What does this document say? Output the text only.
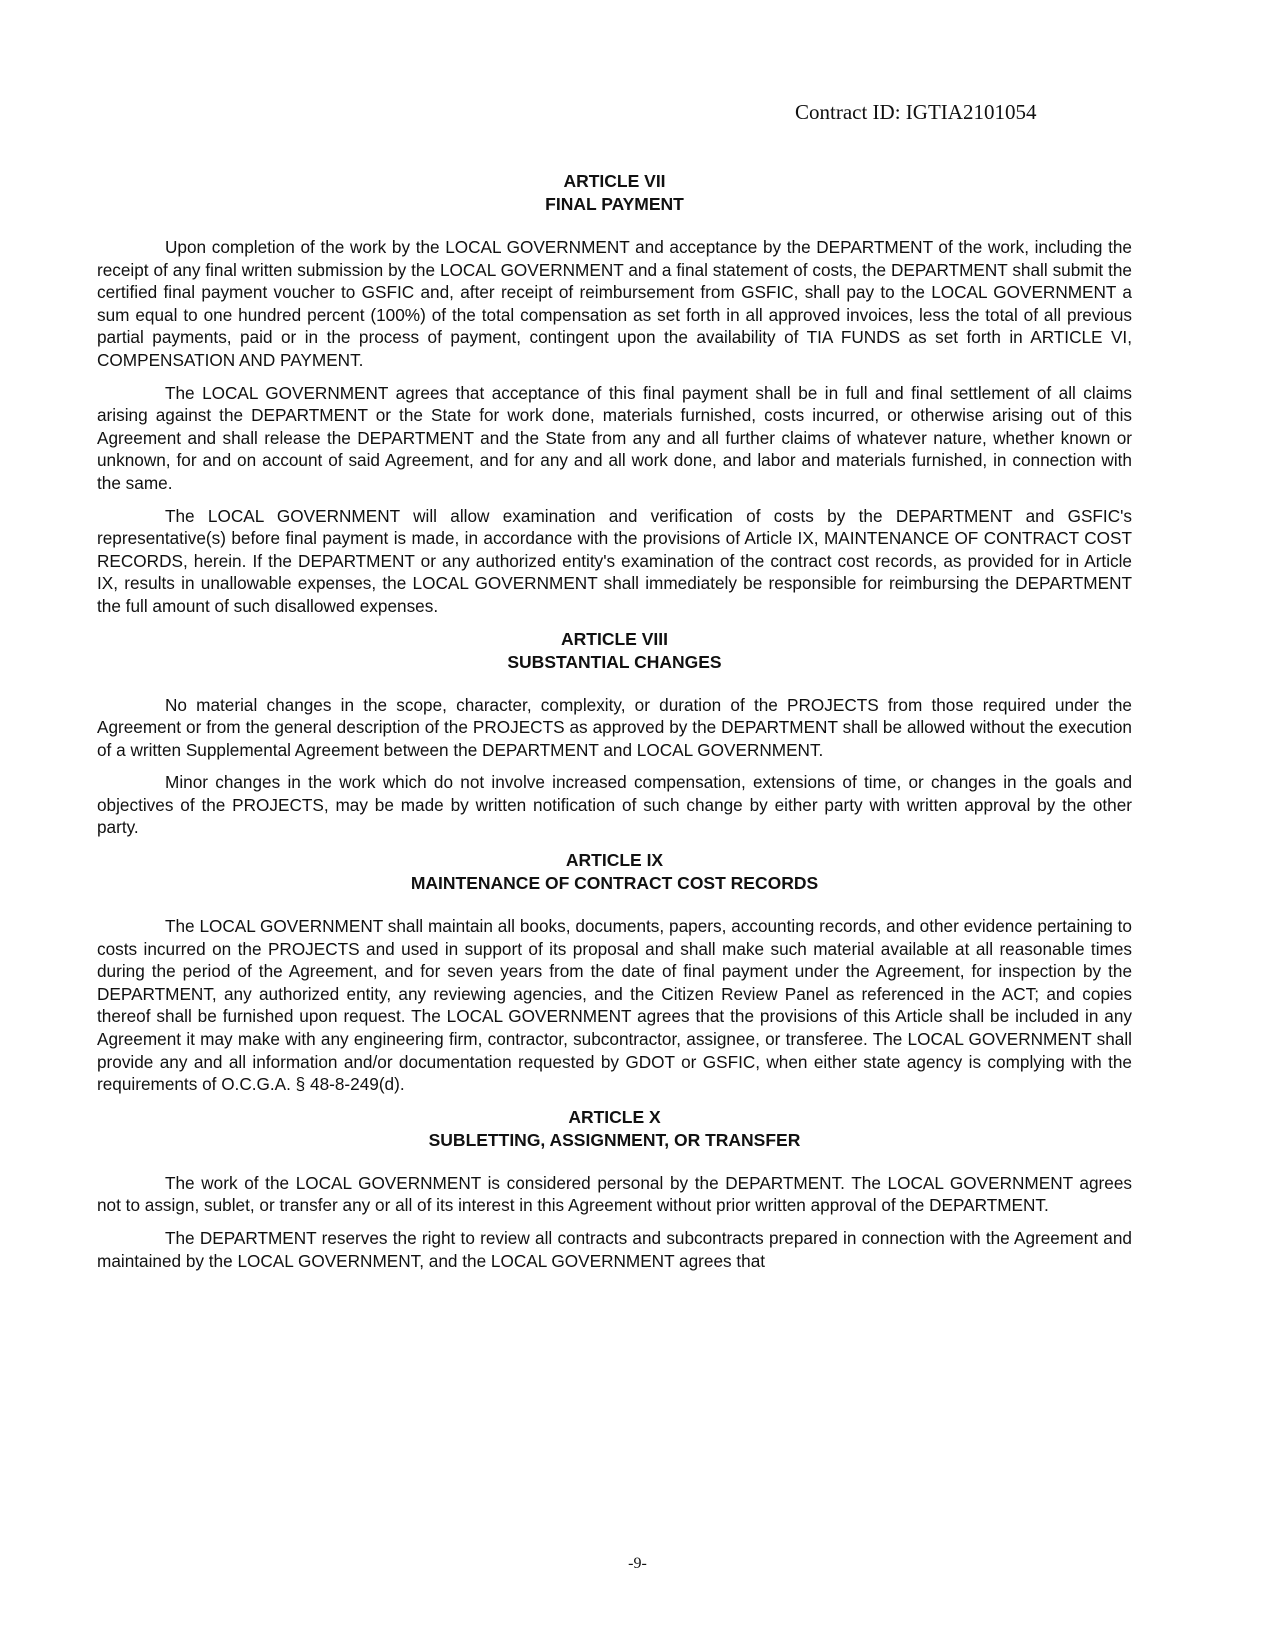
Contract ID: IGTIA2101054
ARTICLE VII
FINAL PAYMENT

Upon completion of the work by the LOCAL GOVERNMENT and acceptance by the DEPARTMENT of the work, including the receipt of any final written submission by the LOCAL GOVERNMENT and a final statement of costs, the DEPARTMENT shall submit the certified final payment voucher to GSFIC and, after receipt of reimbursement from GSFIC, shall pay to the LOCAL GOVERNMENT a sum equal to one hundred percent (100%) of the total compensation as set forth in all approved invoices, less the total of all previous partial payments, paid or in the process of payment, contingent upon the availability of TIA FUNDS as set forth in ARTICLE VI, COMPENSATION AND PAYMENT.

The LOCAL GOVERNMENT agrees that acceptance of this final payment shall be in full and final settlement of all claims arising against the DEPARTMENT or the State for work done, materials furnished, costs incurred, or otherwise arising out of this Agreement and shall release the DEPARTMENT and the State from any and all further claims of whatever nature, whether known or unknown, for and on account of said Agreement, and for any and all work done, and labor and materials furnished, in connection with the same.

The LOCAL GOVERNMENT will allow examination and verification of costs by the DEPARTMENT and GSFIC's representative(s) before final payment is made, in accordance with the provisions of Article IX, MAINTENANCE OF CONTRACT COST RECORDS, herein. If the DEPARTMENT or any authorized entity's examination of the contract cost records, as provided for in Article IX, results in unallowable expenses, the LOCAL GOVERNMENT shall immediately be responsible for reimbursing the DEPARTMENT the full amount of such disallowed expenses.

ARTICLE VIII
SUBSTANTIAL CHANGES

No material changes in the scope, character, complexity, or duration of the PROJECTS from those required under the Agreement or from the general description of the PROJECTS as approved by the DEPARTMENT shall be allowed without the execution of a written Supplemental Agreement between the DEPARTMENT and LOCAL GOVERNMENT.

Minor changes in the work which do not involve increased compensation, extensions of time, or changes in the goals and objectives of the PROJECTS, may be made by written notification of such change by either party with written approval by the other party.

ARTICLE IX
MAINTENANCE OF CONTRACT COST RECORDS

The LOCAL GOVERNMENT shall maintain all books, documents, papers, accounting records, and other evidence pertaining to costs incurred on the PROJECTS and used in support of its proposal and shall make such material available at all reasonable times during the period of the Agreement, and for seven years from the date of final payment under the Agreement, for inspection by the DEPARTMENT, any authorized entity, any reviewing agencies, and the Citizen Review Panel as referenced in the ACT; and copies thereof shall be furnished upon request. The LOCAL GOVERNMENT agrees that the provisions of this Article shall be included in any Agreement it may make with any engineering firm, contractor, subcontractor, assignee, or transferee. The LOCAL GOVERNMENT shall provide any and all information and/or documentation requested by GDOT or GSFIC, when either state agency is complying with the requirements of O.C.G.A. § 48-8-249(d).

ARTICLE X
SUBLETTING, ASSIGNMENT, OR TRANSFER

The work of the LOCAL GOVERNMENT is considered personal by the DEPARTMENT. The LOCAL GOVERNMENT agrees not to assign, sublet, or transfer any or all of its interest in this Agreement without prior written approval of the DEPARTMENT.

The DEPARTMENT reserves the right to review all contracts and subcontracts prepared in connection with the Agreement and maintained by the LOCAL GOVERNMENT, and the LOCAL GOVERNMENT agrees that

-9-
